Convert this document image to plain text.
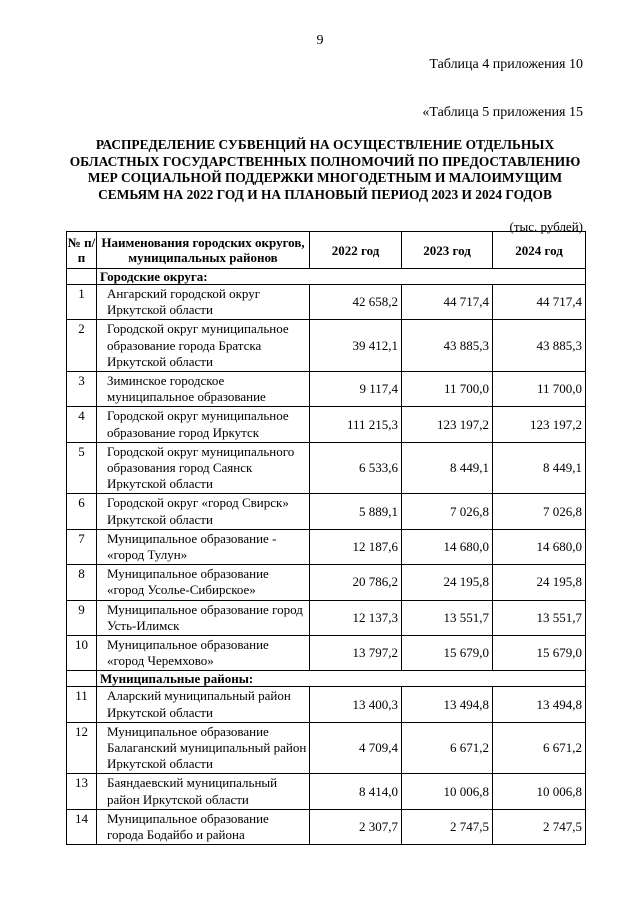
9
Таблица 4 приложения 10
«Таблица 5 приложения 15
РАСПРЕДЕЛЕНИЕ СУБВЕНЦИЙ НА ОСУЩЕСТВЛЕНИЕ ОТДЕЛЬНЫХ ОБЛАСТНЫХ ГОСУДАРСТВЕННЫХ ПОЛНОМОЧИЙ ПО ПРЕДОСТАВЛЕНИЮ МЕР СОЦИАЛЬНОЙ ПОДДЕРЖКИ МНОГОДЕТНЫМ И МАЛОИМУЩИМ СЕМЬЯМ НА 2022 ГОД И НА ПЛАНОВЫЙ ПЕРИОД 2023 И 2024 ГОДОВ
(тыс. рублей)
№ п/п	Наименования городских округов, муниципальных районов	2022 год	2023 год	2024 год
	Городские округа:			
1	Ангарский городской округ Иркутской области	42 658,2	44 717,4	44 717,4
2	Городской округ муниципальное образование города Братска Иркутской области	39 412,1	43 885,3	43 885,3
3	Зиминское городское муниципальное образование	9 117,4	11 700,0	11 700,0
4	Городской округ муниципальное образование город Иркутск	111 215,3	123 197,2	123 197,2
5	Городской округ муниципального образования город Саянск Иркутской области	6 533,6	8 449,1	8 449,1
6	Городской округ «город Свирск» Иркутской области	5 889,1	7 026,8	7 026,8
7	Муниципальное образование - «город Тулун»	12 187,6	14 680,0	14 680,0
8	Муниципальное образование «город Усолье-Сибирское»	20 786,2	24 195,8	24 195,8
9	Муниципальное образование город Усть-Илимск	12 137,3	13 551,7	13 551,7
10	Муниципальное образование «город Черемхово»	13 797,2	15 679,0	15 679,0
	Муниципальные районы:			
11	Аларский муниципальный район Иркутской области	13 400,3	13 494,8	13 494,8
12	Муниципальное образование Балаганский муниципальный район Иркутской области	4 709,4	6 671,2	6 671,2
13	Баяндаевский муниципальный район Иркутской области	8 414,0	10 006,8	10 006,8
14	Муниципальное образование города Бодайбо и района	2 307,7	2 747,5	2 747,5
